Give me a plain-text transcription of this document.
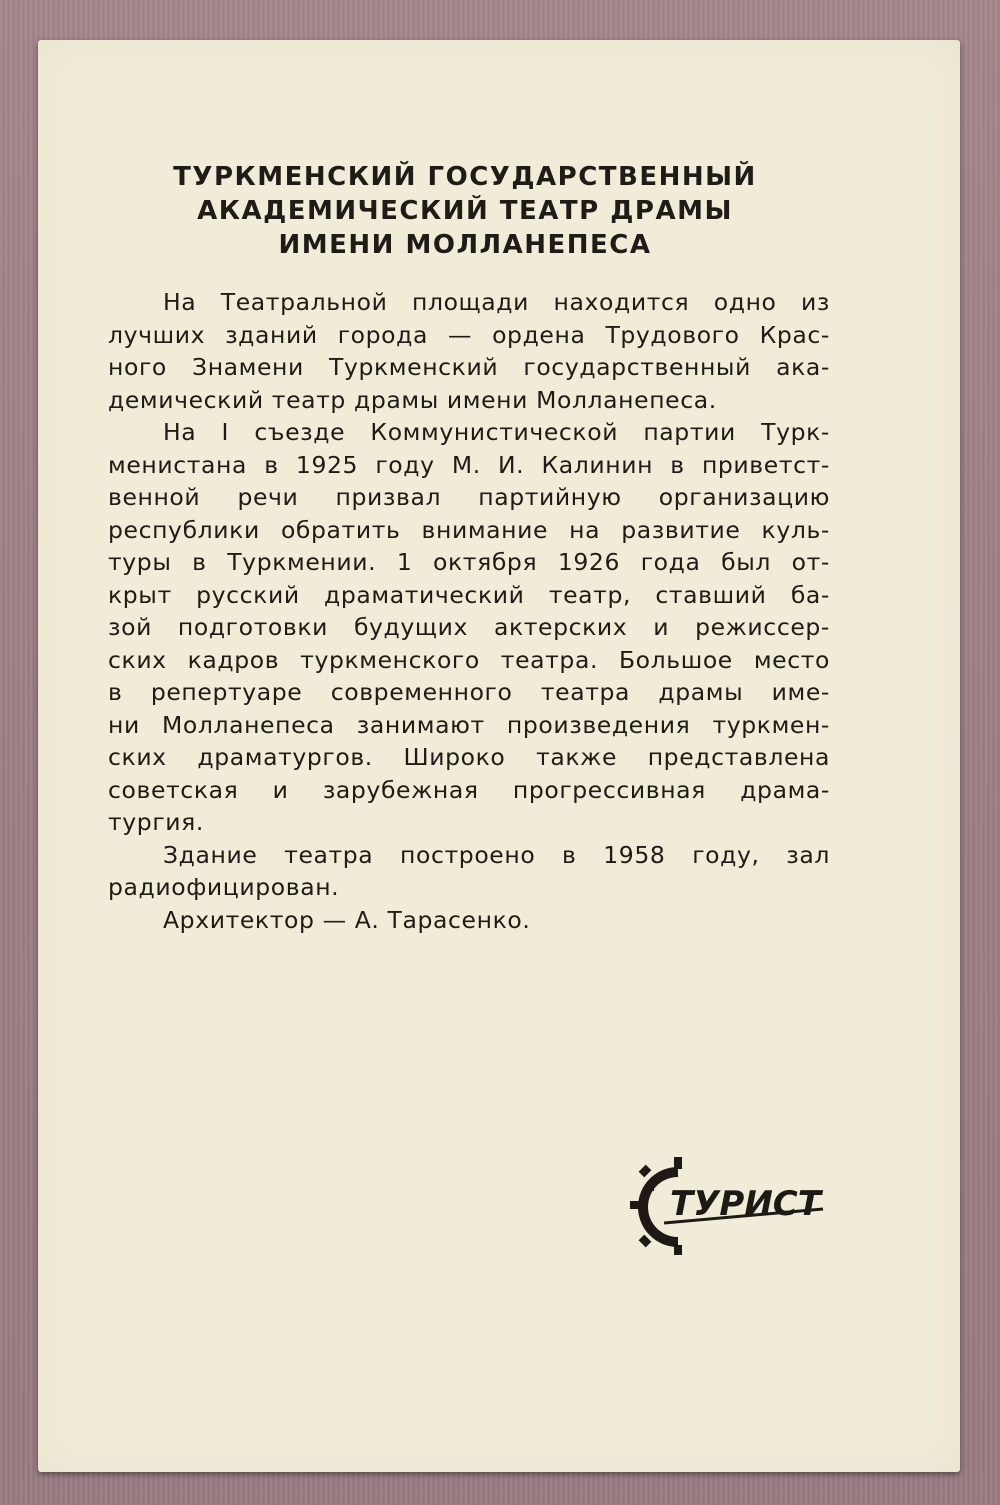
ТУРКМЕНСКИЙ ГОСУДАРСТВЕННЫЙ
АКАДЕМИЧЕСКИЙ ТЕАТР ДРАМЫ
ИМЕНИ МОЛЛАНЕПЕСА
На Театральной площади находится одно из
лучших зданий города — ордена Трудового Крас-
ного Знамени Туркменский государственный ака-
демический театр драмы имени Молланепеса.
На I съезде Коммунистической партии Турк-
менистана в 1925 году М. И. Калинин в приветст-
венной речи призвал партийную организацию
республики обратить внимание на развитие куль-
туры в Туркмении. 1 октября 1926 года был от-
крыт русский драматический театр, ставший ба-
зой подготовки будущих актерских и режиссер-
ских кадров туркменского театра. Большое место
в репертуаре современного театра драмы име-
ни Молланепеса занимают произведения туркмен-
ских драматургов. Широко также представлена
советская и зарубежная прогрессивная драма-
тургия.
Здание театра построено в 1958 году, зал
радиофицирован.
Архитектор — А. Тарасенко.
ТУРИСТ
